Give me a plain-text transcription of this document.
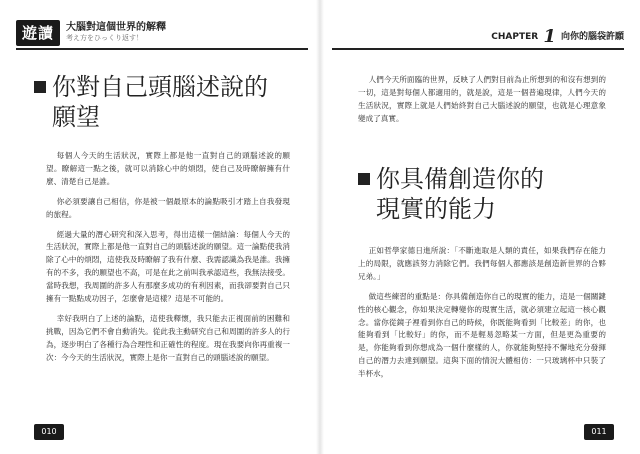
遊讀	大腦對這個世界的解釋
考え方をひっくり返す！	CHAPTER 1 向你的腦袋許願
你對自己頭腦述說的
願望

每個人今天的生活狀況，實際上都是他一直對自己的頭腦述說的願望。瞭解這一點之後，就可以消除心中的煩悶，使自己及時瞭解擁有什麼、清楚自己是誰。

你必須要讓自己相信，你是被一個最原本的論點吸引才踏上自我發現的旅程。

經過大量的潛心研究和深入思考，得出這樣一個結論：每個人今天的生活狀況，實際上都是他一直對自己的頭腦述說的願望。這一論點使我消除了心中的煩悶，這使我及時瞭解了我有什麼、我需認識為我是誰。我擁有的不多，我的願望也不高，可是在此之前叫我承認這些，我無法接受。當時我想，我周圍的許多人有那麼多成功的有利因素，而我卻要對自己只擁有一點點成功因子，怎麼會是這樣？這是不可能的。

幸好我明白了上述的論點，這使我釋懷，我只能去正視面前的困難和挑戰，因為它們不會自動消失。從此我主動研究自己和周圍的許多人的行為，逐步明白了各種行為合理性和正確性的程度。現在我要向你再重複一次：今今天的生活狀況，實際上是你一直對自己的頭腦述說的願望。

人們今天所面臨的世界，反映了人們對目前為止所想到的和沒有想到的一切，這是對每個人都適用的，就是說，這是一個普遍現律，人們今天的生活狀況，實際上就是人們始終對自己大腦述說的願望，也就是心理意象變成了真實。

你具備創造你的
現實的能力

正如哲學家德日進所說：「不斷進取是人類的責任，如果我們存在能力上的局限，就應該努力消除它們。我們每個人都應該是創造新世界的合夥兄弟。」

做這些練習的重點是：你具備創造你自己的現實的能力，這是一個關鍵性的核心觀念，你如果決定轉變你的現實生活，就必須建立起這一核心觀念。當你從鏡子裡看到你自己的時候，你既能夠看到「比較差」的你，也能夠看到「比較好」的你，而不是輕易忽略某一方面，但是更為重要的是，你能夠看到你想成為一個什麼樣的人，你就能夠堅持不懈地充分發揮自己的潛力去達到願望。這與下面的情況大體相仿：一只玻璃杯中只裝了半杯水，

010	011
